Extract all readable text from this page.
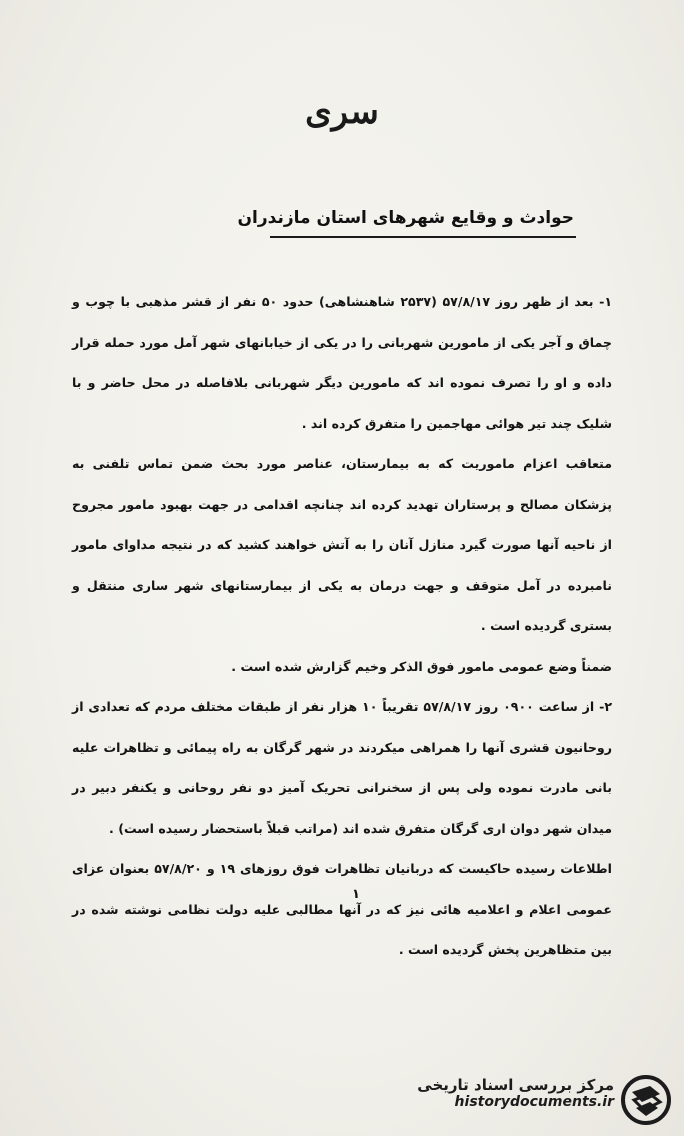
سری
حوادث و وقایع شهرهای استان مازندران

۱- بعد از ظهر روز ۵۷/۸/۱۷ (۲۵۳۷ شاهنشاهی) حدود ۵۰ نفر از قشر مذهبی با چوب و چماق و آجر یکی از مامورین شهربانی را در یکی از خیابانهای شهر آمل مورد حمله قرار داده و او را تصرف نموده اند که مامورین دیگر شهربانی بلافاصله در محل حاضر و با شلیک چند تیر هوائی مهاجمین را متفرق کرده اند .

متعاقب اعزام ماموریت که به بیمارستان، عناصر مورد بحث ضمن تماس تلفنی به پزشکان مصالح و پرستاران تهدید کرده اند چنانچه اقدامی در جهت بهبود مامور مجروح از ناحیه آنها صورت گیرد منازل آنان را به آتش خواهند کشید که در نتیجه مداوای مامور نامبرده در آمل متوقف و جهت درمان به یکی از بیمارستانهای شهر ساری منتقل و بستری گردیده است .

ضمناً وضع عمومی مامور فوق الذکر وخیم گزارش شده است .

۲- از ساعت ۰۹۰۰ روز ۵۷/۸/۱۷ تقریباً ۱۰ هزار نفر از طبقات مختلف مردم که تعدادی از روحانیون قشری آنها را همراهی میکردند در شهر گرگان به راه پیمائی و تظاهرات علیه بانی مادرت نموده ولی پس از سخنرانی تحریک آمیز دو نفر روحانی و یکنفر دبیر در میدان شهر دوان اری گرگان متفرق شده اند (مراتب قبلاً باستحضار رسیده است) .

اطلاعات رسیده حاکیست که دربانیان تظاهرات فوق روزهای ۱۹ و ۵۷/۸/۲۰ بعنوان عزای عمومی اعلام و اعلامیه هائی نیز که در آنها مطالبی علیه دولت نظامی نوشته شده در بین متظاهرین پخش گردیده است .

۱
مرکز بررسی اسناد تاریخی
historydocuments.ir
